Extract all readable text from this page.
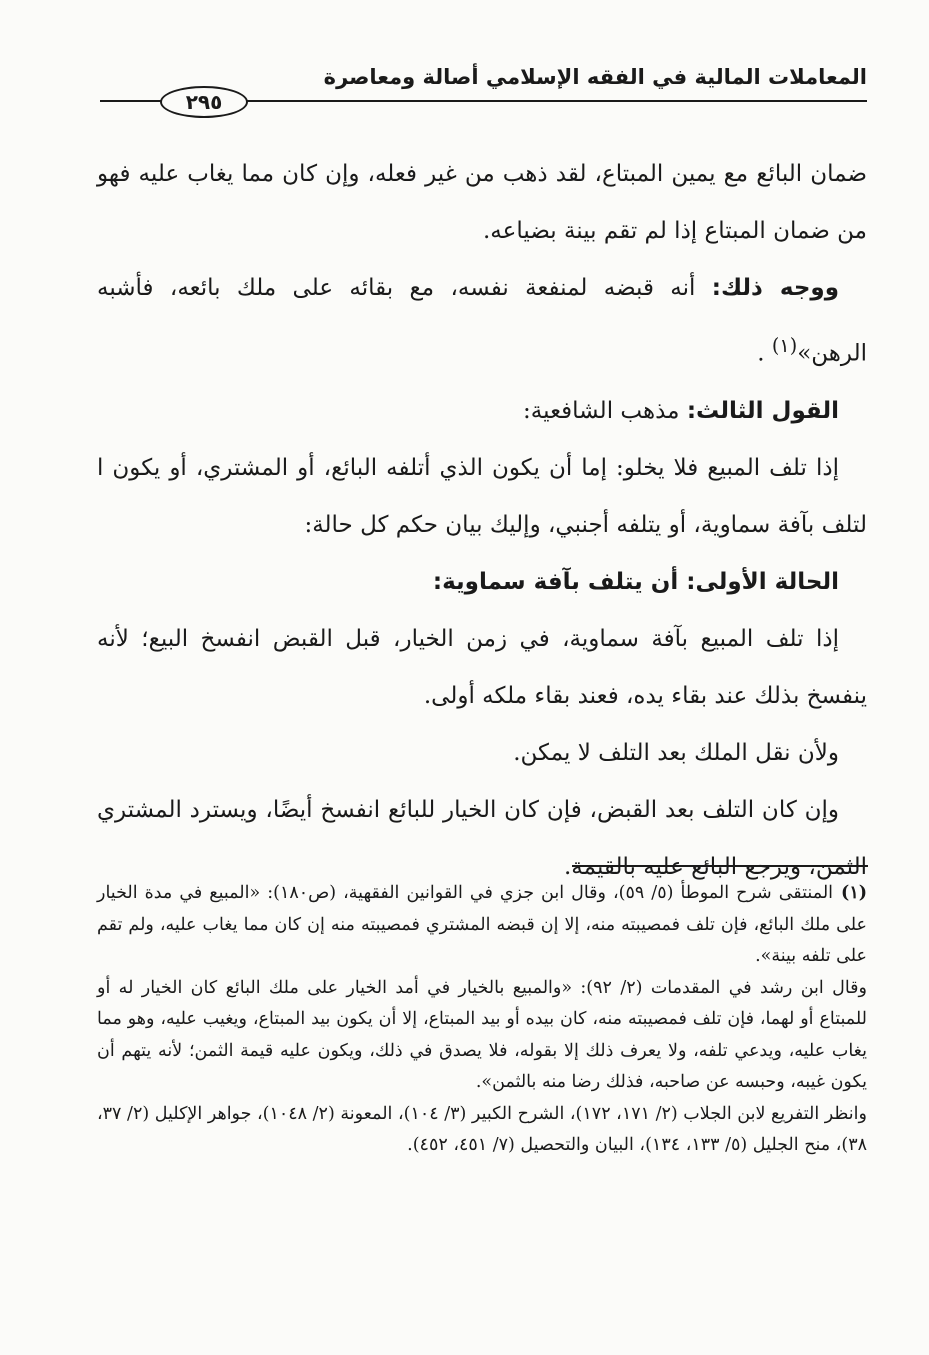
المعاملات المالية في الفقه الإسلامي أصالة ومعاصرة
٢٩٥

ضمان البائع مع يمين المبتاع، لقد ذهب من غير فعله، وإن كان مما يغاب عليه فهو من ضمان المبتاع إذا لم تقم بينة بضياعه.

ووجه ذلك: أنه قبضه لمنفعة نفسه، مع بقائه على ملك بائعه، فأشبه الرهن»$^{(١)}$ .

القول الثالث: مذهب الشافعية:

إذا تلف المبيع فلا يخلو: إما أن يكون الذي أتلفه البائع، أو المشتري، أو يكون ا لتلف بآفة سماوية، أو يتلفه أجنبي، وإليك بيان حكم كل حالة:

الحالة الأولى: أن يتلف بآفة سماوية:

إذا تلف المبيع بآفة سماوية، في زمن الخيار، قبل القبض انفسخ البيع؛ لأنه ينفسخ بذلك عند بقاء يده، فعند بقاء ملكه أولى.

ولأن نقل الملك بعد التلف لا يمكن.

وإن كان التلف بعد القبض، فإن كان الخيار للبائع انفسخ أيضًا، ويسترد المشتري الثمن، ويرجع البائع عليه بالقيمة.

(١)المنتقى شرح الموطأ (٥/ ٥٩)، وقال ابن جزي في القوانين الفقهية، (ص١٨٠): «المبيع في مدة الخيار على ملك البائع، فإن تلف فمصيبته منه، إلا إن قبضه المشتري فمصيبته منه إن كان مما يغاب عليه، ولم تقم على تلفه بينة».

وقال ابن رشد في المقدمات (٢/ ٩٢): «والمبيع بالخيار في أمد الخيار على ملك البائع كان الخيار له أو للمبتاع أو لهما، فإن تلف فمصيبته منه، كان بيده أو بيد المبتاع، إلا أن يكون بيد المبتاع، ويغيب عليه، وهو مما يغاب عليه، ويدعي تلفه، ولا يعرف ذلك إلا بقوله، فلا يصدق في ذلك، ويكون عليه قيمة الثمن؛ لأنه يتهم أن يكون غيبه، وحبسه عن صاحبه، فذلك رضا منه بالثمن».

وانظر التفريع لابن الجلاب (٢/ ١٧١، ١٧٢)، الشرح الكبير (٣/ ١٠٤)، المعونة (٢/ ١٠٤٨)، جواهر الإكليل (٢/ ٣٧، ٣٨)، منح الجليل (٥/ ١٣٣، ١٣٤)، البيان والتحصيل (٧/ ٤٥١، ٤٥٢).
